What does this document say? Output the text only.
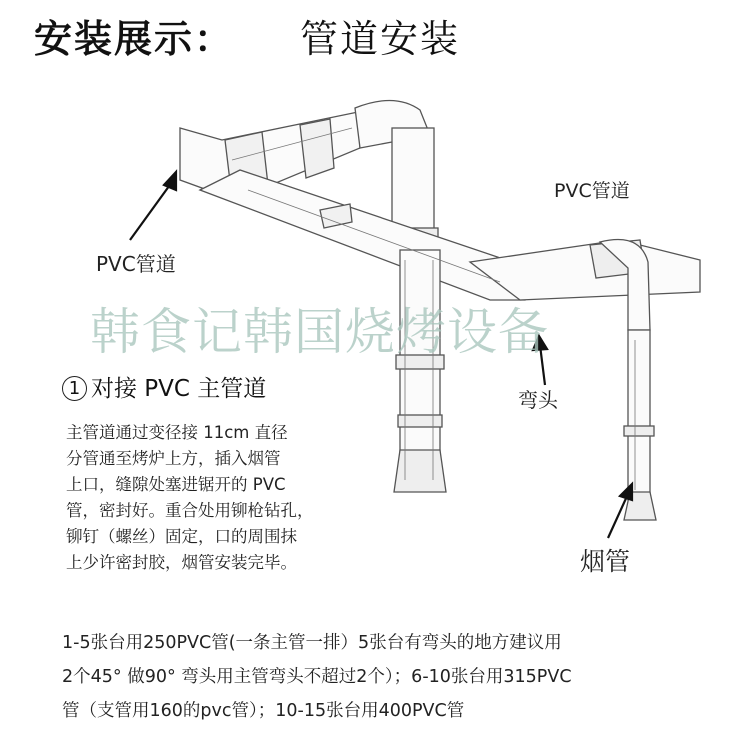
安装展示： 管道安装
PVC管道
PVC管道
弯头
烟管
韩食记韩国烧烤设备
1 对接 PVC 主管道
主管道通过变径接 11cm 直径
分管通至烤炉上方，插入烟管
上口，缝隙处塞进锯开的 PVC
管，密封好。重合处用铆枪钻孔，
铆钉（螺丝）固定，口的周围抹
上少许密封胶，烟管安装完毕。
1-5张台用250PVC管(一条主管一排）5张台有弯头的地方建议用
2个45° 做90° 弯头用主管弯头不超过2个）；6-10张台用315PVC
管（支管用160的pvc管）；10-15张台用400PVC管
